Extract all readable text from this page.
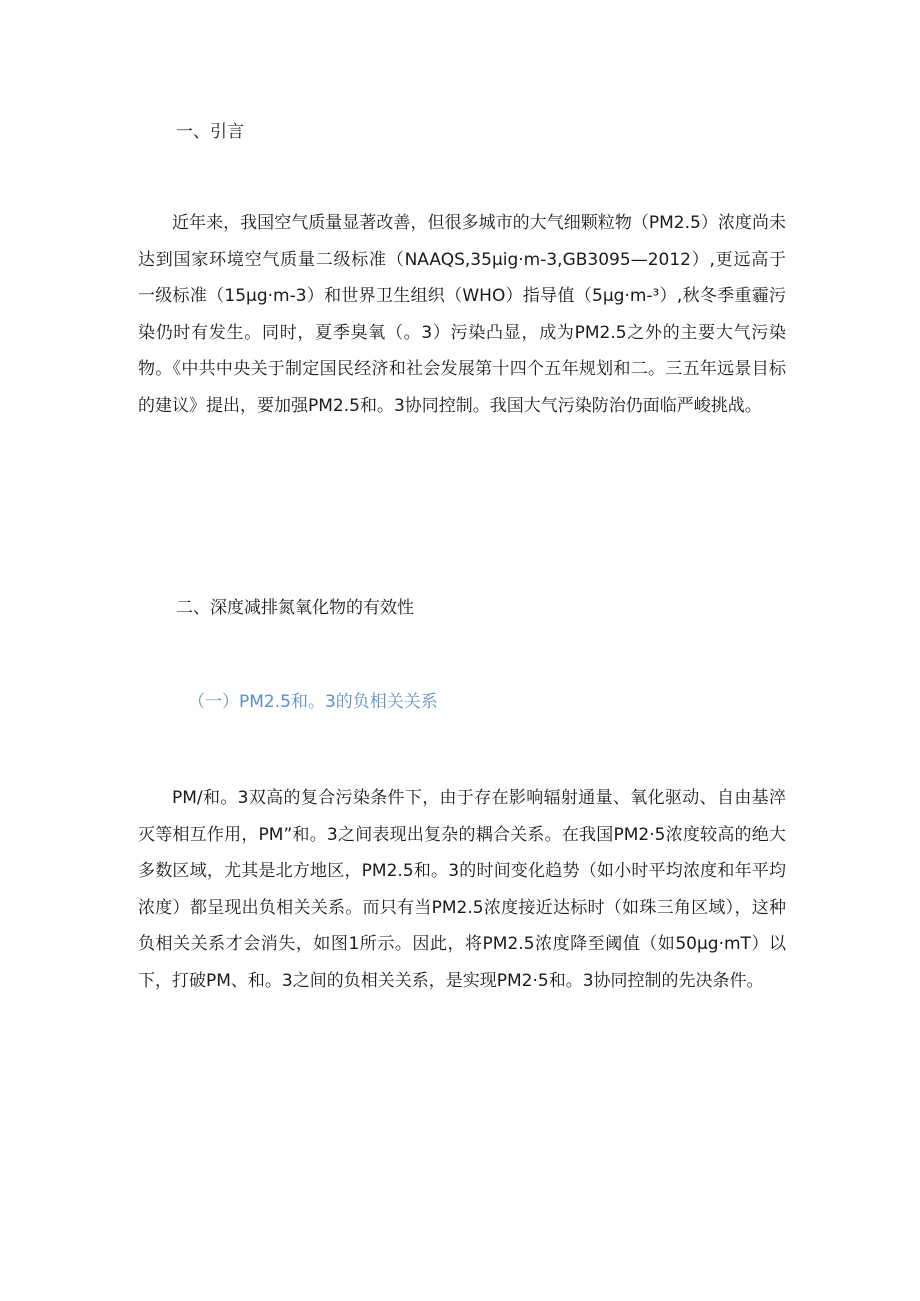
一、引言

近年来，我国空气质量显著改善，但很多城市的大气细颗粒物（PM2.5）浓度尚未达到国家环境空气质量二级标准（NAAQS,35μig·m-3,GB3095—2012）,更远高于一级标准（15μg·m-3）和世界卫生组织（WHO）指导值（5μg·m-³）,秋冬季重霾污染仍时有发生。同时，夏季臭氧（。3）污染凸显，成为PM2.5之外的主要大气污染物。《中共中央关于制定国民经济和社会发展第十四个五年规划和二。三五年远景目标的建议》提出，要加强PM2.5和。3协同控制。我国大气污染防治仍面临严峻挑战。

二、深度减排氮氧化物的有效性
（一）PM2.5和。3的负相关关系

PM/和。3双高的复合污染条件下，由于存在影响辐射通量、氧化驱动、自由基淬灭等相互作用，PM”和。3之间表现出复杂的耦合关系。在我国PM2·5浓度较高的绝大多数区域，尤其是北方地区，PM2.5和。3的时间变化趋势（如小时平均浓度和年平均浓度）都呈现出负相关关系。而只有当PM2.5浓度接近达标时（如珠三角区域），这种负相关关系才会消失，如图1所示。因此，将PM2.5浓度降至阈值（如50μg·mT）以下，打破PM、和。3之间的负相关关系，是实现PM2·5和。3协同控制的先决条件。
